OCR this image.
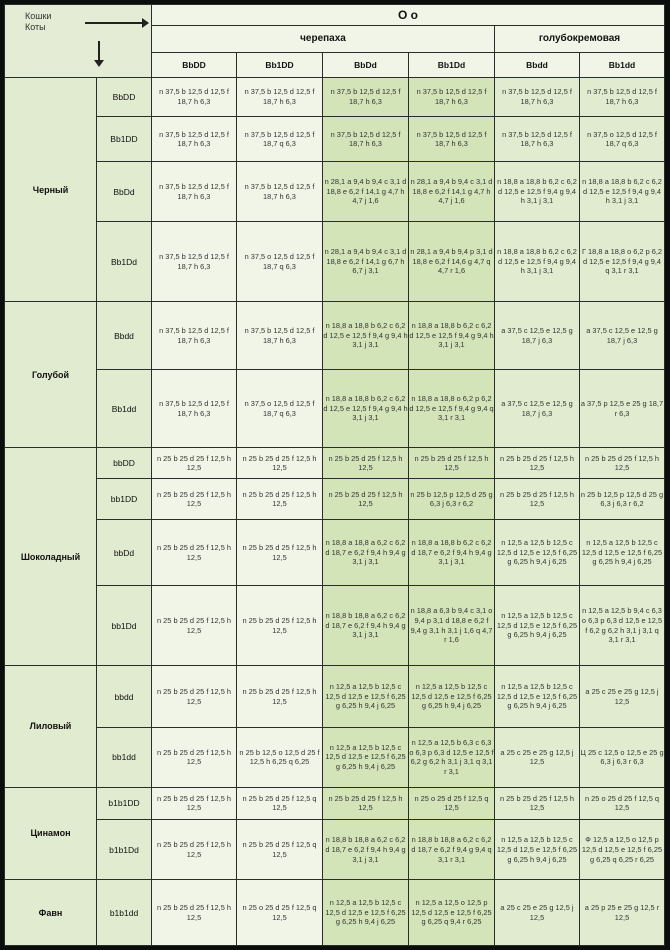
Кошки
Коты		О о					
		черепаха				голубокремовая	
		BbDD	Bb1DD	BbDd	Bb1Dd	Bbdd	Bb1dd
Черный	BbDD	n 37,5 b 12,5 d 12,5 f 18,7 h 6,3	n 37,5 b 12,5 d 12,5 f 18,7 h 6,3	n 37,5 b 12,5 d 12,5 f 18,7 h 6,3	n 37,5 b 12,5 d 12,5 f 18,7 h 6,3	n 37,5 b 12,5 d 12,5 f 18,7 h 6,3	n 37,5 b 12,5 d 12,5 f 18,7 h 6,3
	Bb1DD	n 37,5 b 12,5 d 12,5 f 18,7 h 6,3	n 37,5 b 12,5 d 12,5 f 18,7 q 6,3	n 37,5 b 12,5 d 12,5 f 18,7 h 6,3	n 37,5 b 12,5 d 12,5 f 18,7 h 6,3	n 37,5 b 12,5 d 12,5 f 18,7 h 6,3	n 37,5 o 12,5 d 12,5 f 18,7 q 6,3
	BbDd	n 37,5 b 12,5 d 12,5 f 18,7 h 6,3	n 37,5 b 12,5 d 12,5 f 18,7 h 6,3	n 28,1 a 9,4 b 9,4 c 3,1 d 18,8 e 6,2 f 14,1 g 4,7 h 4,7 j 1,6	n 28,1 a 9,4 b 9,4 c 3,1 d 18,8 e 6,2 f 14,1 g 4,7 h 4,7 j 1,6	n 18,8 a 18,8 b 6,2 c 6,2 d 12,5 e 12,5 f 9,4 g 9,4 h 3,1 j 3,1	n 18,8 a 18,8 b 6,2 c 6,2 d 12,5 e 12,5 f 9,4 g 9,4 h 3,1 j 3,1
	Bb1Dd	n 37,5 b 12,5 d 12,5 f 18,7 h 6,3	n 37,5 o 12,5 d 12,5 f 18,7 q 6,3	n 28,1 a 9,4 b 9,4 c 3,1 d 18,8 e 6,2 f 14,1 g 6,7 h 6,7 j 3,1	n 28,1 a 9,4 b 9,4 p 3,1 d 18,8 e 6,2 f 14,6 g 4,7 q 4,7 r 1,6	n 18,8 a 18,8 b 6,2 c 6,2 d 12,5 e 12,5 f 9,4 g 9,4 h 3,1 j 3,1	Г 18,8 a 18,8 o 6,2 p 6,2 d 12,5 e 12,5 f 9,4 g 9,4 q 3,1 r 3,1
Голубой	Bbdd	n 37,5 b 12,5 d 12,5 f 18,7 h 6,3	n 37,5 b 12,5 d 12,5 f 18,7 h 6,3	n 18,8 a 18,8 b 6,2 c 6,2 d 12,5 e 12,5 f 9,4 g 9,4 h 3,1 j 3,1	n 18,8 a 18,8 b 6,2 c 6,2 d 12,5 e 12,5 f 9,4 g 9,4 h 3,1 j 3,1	a 37,5 c 12,5 e 12,5 g 18,7 j 6,3	a 37,5 c 12,5 e 12,5 g 18,7 j 6,3
	Bb1dd	n 37,5 b 12,5 d 12,5 f 18,7 h 6,3	n 37,5 o 12,5 d 12,5 f 18,7 q 6,3	n 18,8 a 18,8 b 6,2 c 6,2 d 12,5 e 12,5 f 9,4 g 9,4 h 3,1 j 3,1	n 18,8 a 18,8 o 6,2 p 6,2 d 12,5 e 12,5 f 9,4 g 9,4 q 3,1 r 3,1	a 37,5 c 12,5 e 12,5 g 18,7 j 6,3	a 37,5 p 12,5 e 25 g 18,7 r 6,3
Шоколадный	bbDD	n 25 b 25 d 25 f 12,5 h 12,5	n 25 b 25 d 25 f 12,5 h 12,5	n 25 b 25 d 25 f 12,5 h 12,5	n 25 b 25 d 25 f 12,5 h 12,5	n 25 b 25 d 25 f 12,5 h 12,5	n 25 b 25 d 25 f 12,5 h 12,5
	bb1DD	n 25 b 25 d 25 f 12,5 h 12,5	n 25 b 25 d 25 f 12,5 h 12,5	n 25 b 25 d 25 f 12,5 h 12,5	n 25 b 12,5 p 12,5 d 25 g 6,3 j 6,3 r 6,2	n 25 b 25 d 25 f 12,5 h 12,5	n 25 b 12,5 p 12,5 d 25 g 6,3 j 6,3 r 6,2
	bbDd	n 25 b 25 d 25 f 12,5 h 12,5	n 25 b 25 d 25 f 12,5 h 12,5	n 18,8 a 18,8 a 6,2 c 6,2 d 18,7 e 6,2 f 9,4 h 9,4 g 3,1 j 3,1	n 18,8 a 18,8 b 6,2 c 6,2 d 18,7 e 6,2 f 9,4 h 9,4 g 3,1 j 3,1	n 12,5 a 12,5 b 12,5 c 12,5 d 12,5 e 12,5 f 6,25 g 6,25 h 9,4 j 6,25	n 12,5 a 12,5 b 12,5 c 12,5 d 12,5 e 12,5 f 6,25 g 6,25 h 9,4 j 6,25
	bb1Dd	n 25 b 25 d 25 f 12,5 h 12,5	n 25 b 25 d 25 f 12,5 h 12,5	n 18,8 b 18,8 a 6,2 c 6,2 d 18,7 e 6,2 f 9,4 h 9,4 g 3,1 j 3,1	n 18,8 a 6,3 b 9,4 c 3,1 o 9,4 p 3,1 d 18,8 e 6,2 f 9,4 g 3,1 h 3,1 j 1,6 q 4,7 r 1,6	n 12,5 a 12,5 b 12,5 c 12,5 d 12,5 e 12,5 f 6,25 g 6,25 h 9,4 j 6,25	n 12,5 a 12,5 b 9,4 c 6,3 o 6,3 p 6,3 d 12,5 e 12,5 f 6,2 g 6,2 h 3,1 j 3,1 q 3,1 r 3,1
Лиловый	bbdd	n 25 b 25 d 25 f 12,5 h 12,5	n 25 b 25 d 25 f 12,5 h 12,5	n 12,5 a 12,5 b 12,5 c 12,5 d 12,5 e 12,5 f 6,25 g 6,25 h 9,4 j 6,25	n 12,5 a 12,5 b 12,5 c 12,5 d 12,5 e 12,5 f 6,25 g 6,25 h 9,4 j 6,25	n 12,5 a 12,5 b 12,5 c 12,5 d 12,5 e 12,5 f 6,25 g 6,25 h 9,4 j 6,25	a 25 c 25 e 25 g 12,5 j 12,5
	bb1dd	n 25 b 25 d 25 f 12,5 h 12,5	n 25 b 12,5 o 12,5 d 25 f 12,5 h 6,25 q 6,25	n 12,5 a 12,5 b 12,5 c 12,5 d 12,5 e 12,5 f 6,25 g 6,25 h 9,4 j 6,25	n 12,5 a 12,5 b 6,3 c 6,3 o 6,3 p 6,3 d 12,5 e 12,5 f 6,2 g 6,2 h 3,1 j 3,1 q 3,1 r 3,1	a 25 c 25 e 25 g 12,5 j 12,5	Ц 25 c 12,5 o 12,5 e 25 g 6,3 j 6,3 r 6,3
Цинамон	b1b1DD	n 25 b 25 d 25 f 12,5 h 12,5	n 25 b 25 d 25 f 12,5 q 12,5	n 25 b 25 d 25 f 12,5 h 12,5	n 25 o 25 d 25 f 12,5 q 12,5	n 25 b 25 d 25 f 12,5 h 12,5	n 25 o 25 d 25 f 12,5 q 12,5
	b1b1Dd	n 25 b 25 d 25 f 12,5 h 12,5	n 25 b 25 d 25 f 12,5 q 12,5	n 18,8 b 18,8 a 6,2 c 6,2 d 18,7 e 6,2 f 9,4 h 9,4 g 3,1 j 3,1	n 18,8 b 18,8 a 6,2 c 6,2 d 18,7 e 6,2 f 9,4 g 9,4 q 3,1 r 3,1	n 12,5 a 12,5 b 12,5 c 12,5 d 12,5 e 12,5 f 6,25 g 6,25 h 9,4 j 6,25	Ф 12,5 a 12,5 o 12,5 p 12,5 d 12,5 e 12,5 f 6,25 g 6,25 q 6,25 r 6,25
Фавн	b1b1dd	n 25 b 25 d 25 f 12,5 h 12,5	n 25 o 25 d 25 f 12,5 q 12,5	n 12,5 a 12,5 b 12,5 c 12,5 d 12,5 e 12,5 f 6,25 g 6,25 h 9,4 j 6,25	n 12,5 a 12,5 o 12,5 p 12,5 d 12,5 e 12,5 f 6,25 g 6,25 q 9,4 r 6,25	a 25 c 25 e 25 g 12,5 j 12,5	a 25 p 25 e 25 g 12,5 r 12,5
